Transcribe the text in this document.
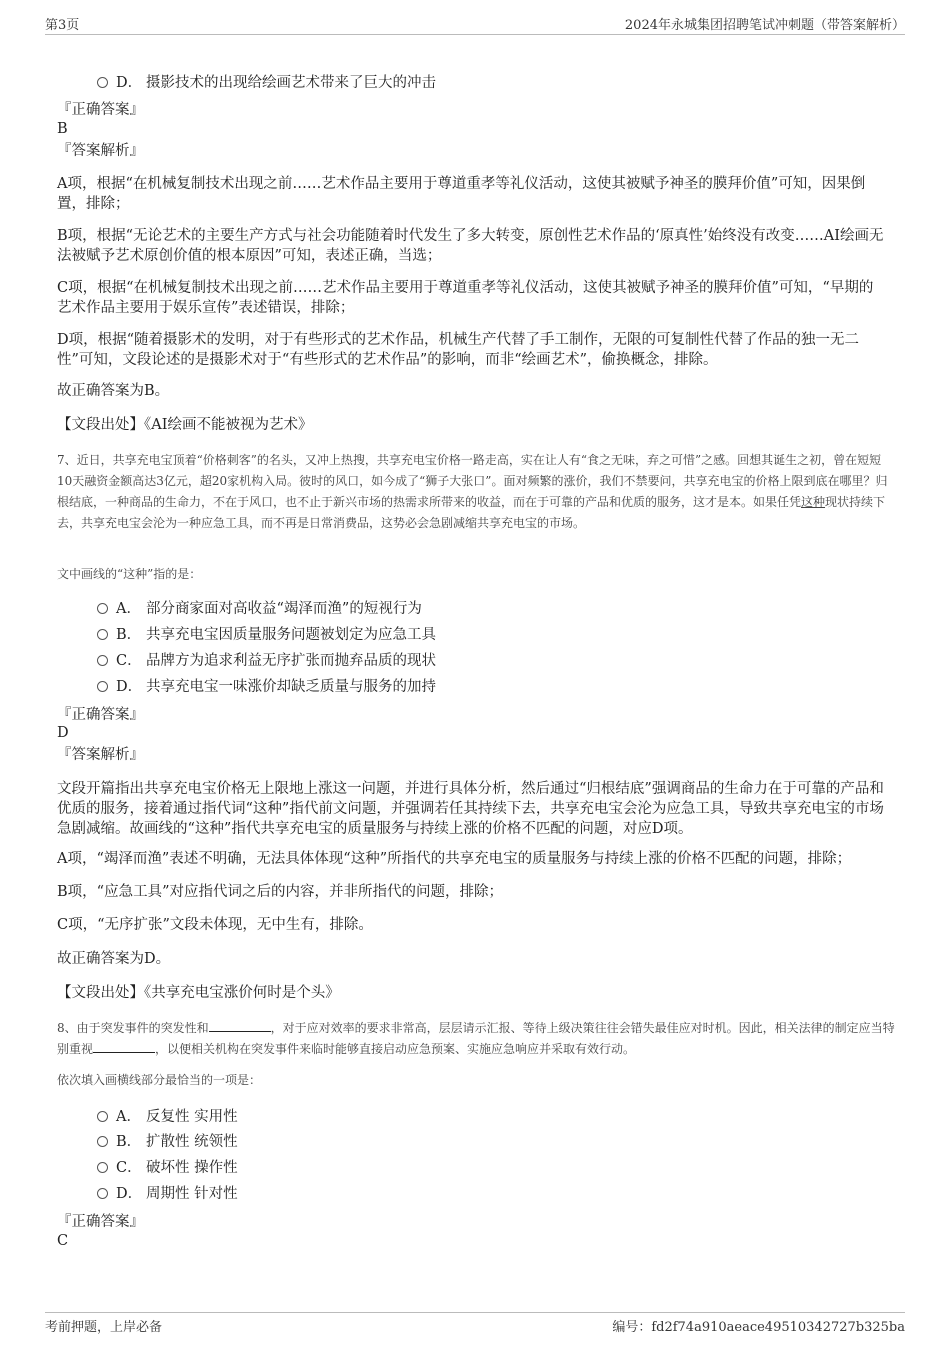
第3页	2024年永城集团招聘笔试冲刺题（带答案解析）
D． 摄影技术的出现给绘画艺术带来了巨大的冲击
『正确答案』
B
『答案解析』
A项，根据“在机械复制技术出现之前……艺术作品主要用于尊道重孝等礼仪活动，这使其被赋予神圣的膜拜价值”可知，因果倒置，排除；
B项，根据“无论艺术的主要生产方式与社会功能随着时代发生了多大转变，原创性艺术作品的‘原真性’始终没有改变……AI绘画无法被赋予艺术原创价值的根本原因”可知，表述正确，当选；
C项，根据“在机械复制技术出现之前……艺术作品主要用于尊道重孝等礼仪活动，这使其被赋予神圣的膜拜价值”可知，“早期的艺术作品主要用于娱乐宣传”表述错误，排除；
D项，根据“随着摄影术的发明，对于有些形式的艺术作品，机械生产代替了手工制作，无限的可复制性代替了作品的独一无二性”可知，文段论述的是摄影术对于“有些形式的艺术作品”的影响，而非“绘画艺术”，偷换概念，排除。
故正确答案为B。
【文段出处】《AI绘画不能被视为艺术》
7、近日，共享充电宝顶着“价格刺客”的名头，又冲上热搜，共享充电宝价格一路走高，实在让人有“食之无味，弃之可惜”之感。回想其诞生之初，曾在短短10天融资金额高达3亿元，超20家机构入局。彼时的风口，如今成了“狮子大张口”。面对频繁的涨价，我们不禁要问，共享充电宝的价格上限到底在哪里？归根结底，一种商品的生命力，不在于风口，也不止于新兴市场的热需求所带来的收益，而在于可靠的产品和优质的服务，这才是本。如果任凭这种现状持续下去，共享充电宝会沦为一种应急工具，而不再是日常消费品，这势必会急剧减缩共享充电宝的市场。
文中画线的“这种”指的是：
A． 部分商家面对高收益“竭泽而渔”的短视行为
B． 共享充电宝因质量服务问题被划定为应急工具
C． 品牌方为追求利益无序扩张而抛弃品质的现状
D． 共享充电宝一味涨价却缺乏质量与服务的加持
『正确答案』
D
『答案解析』
文段开篇指出共享充电宝价格无上限地上涨这一问题，并进行具体分析，然后通过“归根结底”强调商品的生命力在于可靠的产品和优质的服务，接着通过指代词“这种”指代前文问题，并强调若任其持续下去，共享充电宝会沦为应急工具，导致共享充电宝的市场急剧减缩。故画线的“这种”指代共享充电宝的质量服务与持续上涨的价格不匹配的问题，对应D项。
A项，“竭泽而渔”表述不明确，无法具体体现“这种”所指代的共享充电宝的质量服务与持续上涨的价格不匹配的问题，排除；
B项，“应急工具”对应指代词之后的内容，并非所指代的问题，排除；
C项，“无序扩张”文段未体现，无中生有，排除。
故正确答案为D。
【文段出处】《共享充电宝涨价何时是个头》
8、由于突发事件的突发性和	，对于应对效率的要求非常高，层层请示汇报、等待上级决策往往会错失最佳应对时机。因此，相关法律的制定应当特别重视	，以便相关机构在突发事件来临时能够直接启动应急预案、实施应急响应并采取有效行动。
依次填入画横线部分最恰当的一项是：
A． 反复性 实用性
B． 扩散性 统领性
C． 破坏性 操作性
D． 周期性 针对性
『正确答案』
C
考前押题，上岸必备	编号：fd2f74a910aeace49510342727b325ba
